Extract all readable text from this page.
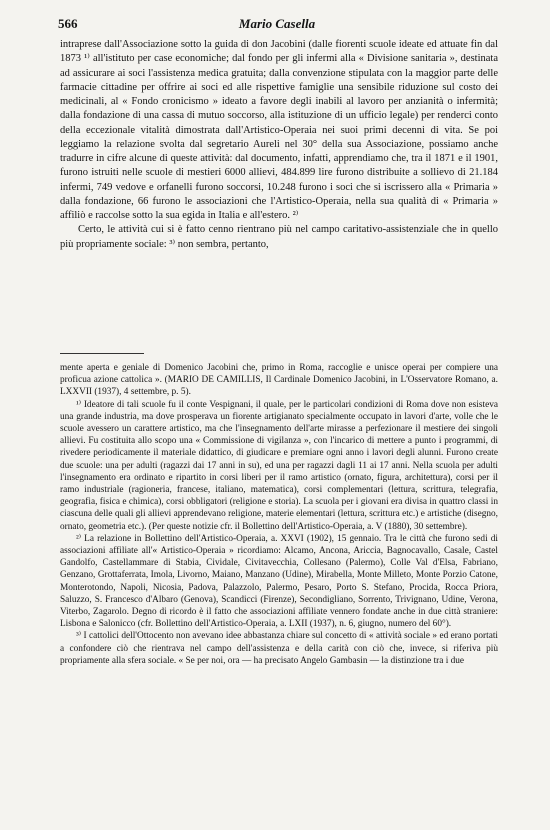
566	Mario Casella

intraprese dall'Associazione sotto la guida di don Jacobini (dalle fiorenti scuole ideate ed attuate fin dal 1873 ¹⁾ all'istituto per case economiche; dal fondo per gli infermi alla « Divisione sanitaria », destinata ad assicurare ai soci l'assistenza medica gratuita; dalla convenzione stipulata con la maggior parte delle farmacie cittadine per offrire ai soci ed alle rispettive famiglie una sensibile riduzione sul costo dei medicinali, al « Fondo cronicismo » ideato a favore degli inabili al lavoro per anzianità o infermità; dalla fondazione di una cassa di mutuo soccorso, alla istituzione di un ufficio legale) per renderci conto della eccezionale vitalità dimostrata dall'Artistico-Operaia nei suoi primi decenni di vita. Se poi leggiamo la relazione svolta dal segretario Aureli nel 30° della sua Associazione, possiamo anche tradurre in cifre alcune di queste attività: dal documento, infatti, apprendiamo che, tra il 1871 e il 1901, furono istruiti nelle scuole di mestieri 6000 allievi, 484.899 lire furono distribuite a sollievo di 21.184 infermi, 749 vedove e orfanelli furono soccorsi, 10.248 furono i soci che si iscrissero alla « Primaria » dalla fondazione, 66 furono le associazioni che l'Artistico-Operaia, nella sua qualità di « Primaria » affiliò e raccolse sotto la sua egida in Italia e all'estero. ²⁾

Certo, le attività cui si è fatto cenno rientrano più nel campo caritativo-assistenziale che in quello più propriamente sociale: ³⁾ non sembra, pertanto,

mente aperta e geniale di Domenico Jacobini che, primo in Roma, raccoglie e unisce operai per compiere una proficua azione cattolica ». (MARIO DE CAMILLIS, Il Cardinale Domenico Jacobini, in L'Osservatore Romano, a. LXXVII (1937), 4 settembre, p. 5).

¹⁾ Ideatore di tali scuole fu il conte Vespignani, il quale, per le particolari condizioni di Roma dove non esisteva una grande industria, ma dove prosperava un fiorente artigianato specialmente occupato in lavori d'arte, volle che le scuole avessero un carattere artistico, ma che l'insegnamento dell'arte mirasse a perfezionare il mestiere dei singoli allievi. Fu costituita allo scopo una « Commissione di vigilanza », con l'incarico di mettere a punto i programmi, di rivedere periodicamente il materiale didattico, di giudicare e premiare ogni anno i lavori degli alunni. Furono create due scuole: una per adulti (ragazzi dai 17 anni in su), ed una per ragazzi dagli 11 ai 17 anni. Nella scuola per adulti l'insegnamento era ordinato e ripartito in corsi liberi per il ramo artistico (ornato, figura, architettura), corsi per il ramo industriale (ragioneria, francese, italiano, matematica), corsi complementari (lettura, scrittura, telegrafia, geografia, fisica e chimica), corsi obbligatori (religione e storia). La scuola per i giovani era divisa in quattro classi in ciascuna delle quali gli allievi apprendevano religione, materie elementari (lettura, scrittura etc.) e artistiche (disegno, ornato, geometria etc.). (Per queste notizie cfr. il Bollettino dell'Artistico-Operaia, a. V (1880), 30 settembre).

²⁾ La relazione in Bollettino dell'Artistico-Operaia, a. XXVI (1902), 15 gennaio. Tra le città che furono sedi di associazioni affiliate all'« Artistico-Operaia » ricordiamo: Alcamo, Ancona, Ariccia, Bagnocavallo, Casale, Castel Gandolfo, Castellammare di Stabia, Cividale, Civitavecchia, Collesano (Palermo), Colle Val d'Elsa, Fabriano, Genzano, Grottaferrata, Imola, Livorno, Maiano, Manzano (Udine), Mirabella, Monte Milleto, Monte Porzio Catone, Monterotondo, Napoli, Nicosia, Padova, Palazzolo, Palermo, Pesaro, Porto S. Stefano, Procida, Rocca Priora, Saluzzo, S. Francesco d'Albaro (Genova), Scandicci (Firenze), Secondigliano, Sorrento, Trivignano, Udine, Verona, Viterbo, Zagarolo. Degno di ricordo è il fatto che associazioni affiliate vennero fondate anche in due città straniere: Lisbona e Salonicco (cfr. Bollettino dell'Artistico-Operaia, a. LXII (1937), n. 6, giugno, numero del 60°).

³⁾ I cattolici dell'Ottocento non avevano idee abbastanza chiare sul concetto di « attività sociale » ed erano portati a confondere ciò che rientrava nel campo dell'assistenza e della carità con ciò che, invece, si riferiva più propriamente alla sfera sociale. « Se per noi, ora — ha precisato Angelo Gambasin — la distinzione tra i due
